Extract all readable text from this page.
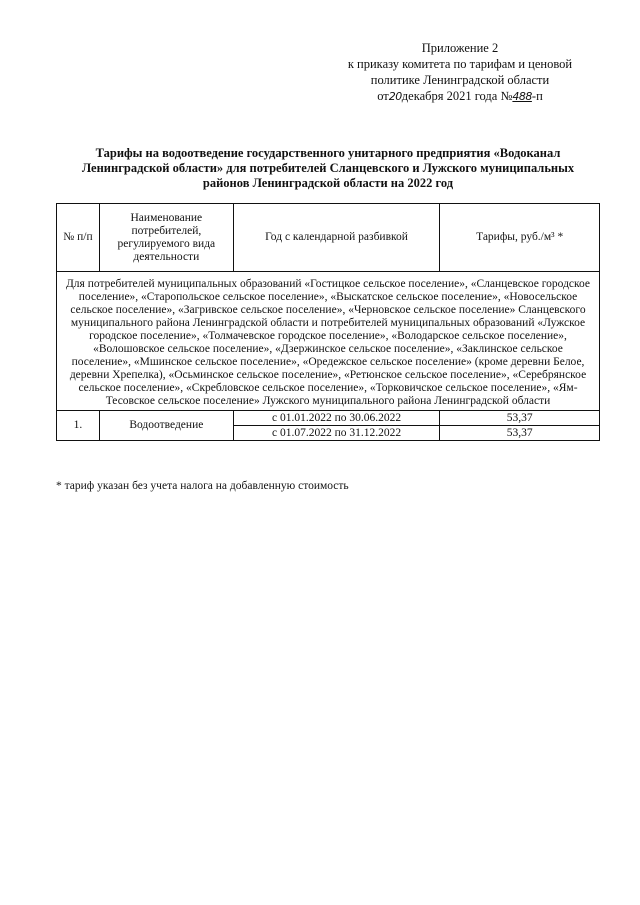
Приложение 2
к приказу комитета по тарифам и ценовой
политике Ленинградской области
от20декабря 2021 года №488-п
Тарифы на водоотведение государственного унитарного предприятия «Водоканал Ленинградской области» для потребителей Сланцевского и Лужского муниципальных районов Ленинградской области на 2022 год
№ п/п	Наименование потребителей, регулируемого вида деятельности	Год с календарной разбивкой	Тарифы, руб./м³ *
Для потребителей муниципальных образований «Гостицкое сельское поселение», «Сланцевское городское поселение», «Старопольское сельское поселение», «Выскатское сельское поселение», «Новосельское сельское поселение», «Загривское сельское поселение», «Черновское сельское поселение» Сланцевского муниципального района Ленинградской области и потребителей муниципальных образований «Лужское городское поселение», «Толмачевское городское поселение», «Володарское сельское поселение», «Волошовское сельское поселение», «Дзержинское сельское поселение», «Заклинское сельское поселение», «Мшинское сельское поселение», «Оредежское сельское поселение» (кроме деревни Белое, деревни Хрепелка), «Осьминское сельское поселение», «Ретюнское сельское поселение», «Серебрянское сельское поселение», «Скребловское сельское поселение», «Торковичское сельское поселение», «Ям-Тесовское сельское поселение» Лужского муниципального района Ленинградской области			
1.	Водоотведение	с 01.01.2022 по 30.06.2022	53,37
		с 01.07.2022 по 31.12.2022	53,37
* тариф указан без учета налога на добавленную стоимость
